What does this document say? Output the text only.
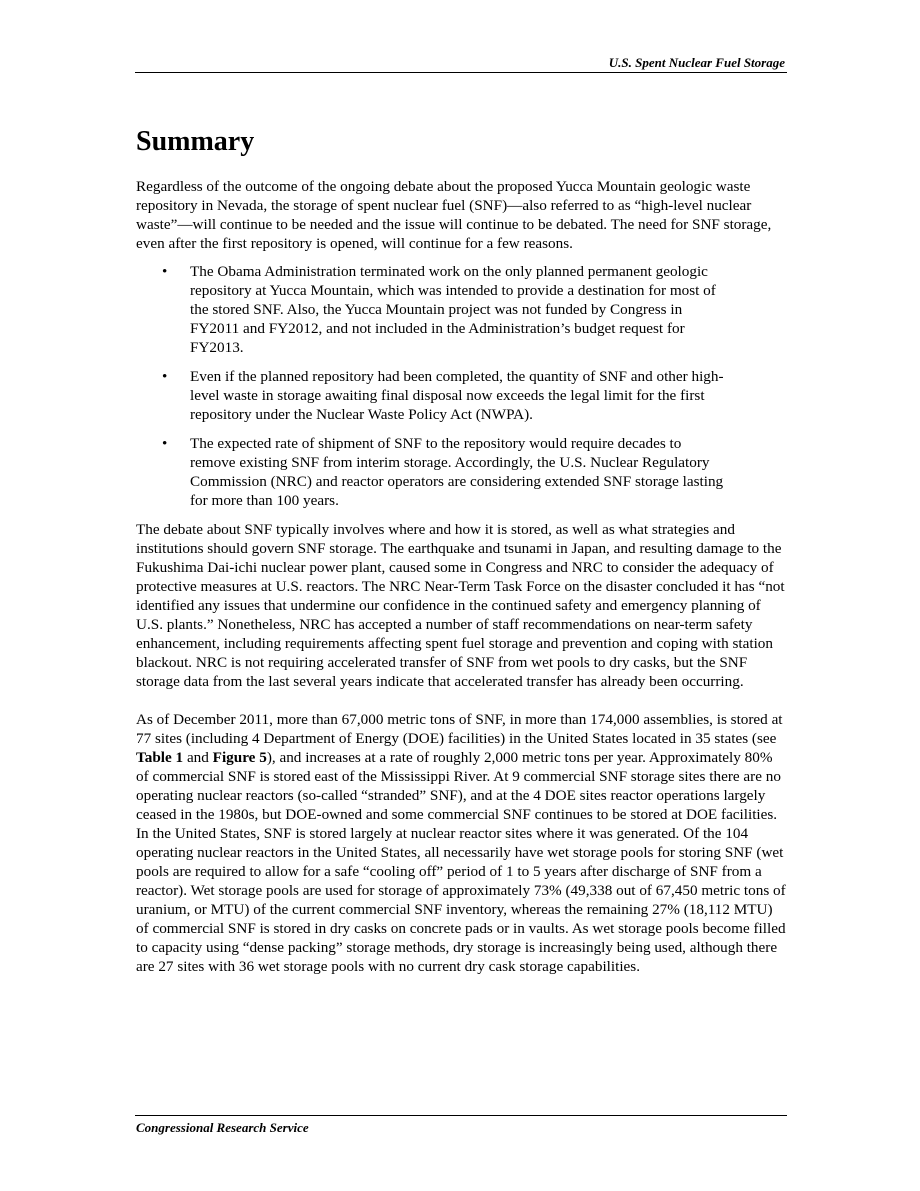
U.S. Spent Nuclear Fuel Storage
Summary

Regardless of the outcome of the ongoing debate about the proposed Yucca Mountain geologic waste repository in Nevada, the storage of spent nuclear fuel (SNF)—also referred to as “high-level nuclear waste”—will continue to be needed and the issue will continue to be debated. The need for SNF storage, even after the first repository is opened, will continue for a few reasons.

• The Obama Administration terminated work on the only planned permanent geologic repository at Yucca Mountain, which was intended to provide a destination for most of the stored SNF. Also, the Yucca Mountain project was not funded by Congress in FY2011 and FY2012, and not included in the Administration’s budget request for FY2013.
• Even if the planned repository had been completed, the quantity of SNF and other high-level waste in storage awaiting final disposal now exceeds the legal limit for the first repository under the Nuclear Waste Policy Act (NWPA).
• The expected rate of shipment of SNF to the repository would require decades to remove existing SNF from interim storage. Accordingly, the U.S. Nuclear Regulatory Commission (NRC) and reactor operators are considering extended SNF storage lasting for more than 100 years.

The debate about SNF typically involves where and how it is stored, as well as what strategies and institutions should govern SNF storage. The earthquake and tsunami in Japan, and resulting damage to the Fukushima Dai-ichi nuclear power plant, caused some in Congress and NRC to consider the adequacy of protective measures at U.S. reactors. The NRC Near-Term Task Force on the disaster concluded it has “not identified any issues that undermine our confidence in the continued safety and emergency planning of U.S. plants.” Nonetheless, NRC has accepted a number of staff recommendations on near-term safety enhancement, including requirements affecting spent fuel storage and prevention and coping with station blackout. NRC is not requiring accelerated transfer of SNF from wet pools to dry casks, but the SNF storage data from the last several years indicate that accelerated transfer has already been occurring.

As of December 2011, more than 67,000 metric tons of SNF, in more than 174,000 assemblies, is stored at 77 sites (including 4 Department of Energy (DOE) facilities) in the United States located in 35 states (see Table 1 and Figure 5), and increases at a rate of roughly 2,000 metric tons per year. Approximately 80% of commercial SNF is stored east of the Mississippi River. At 9 commercial SNF storage sites there are no operating nuclear reactors (so-called “stranded” SNF), and at the 4 DOE sites reactor operations largely ceased in the 1980s, but DOE-owned and some commercial SNF continues to be stored at DOE facilities. In the United States, SNF is stored largely at nuclear reactor sites where it was generated. Of the 104 operating nuclear reactors in the United States, all necessarily have wet storage pools for storing SNF (wet pools are required to allow for a safe “cooling off” period of 1 to 5 years after discharge of SNF from a reactor). Wet storage pools are used for storage of approximately 73% (49,338 out of 67,450 metric tons of uranium, or MTU) of the current commercial SNF inventory, whereas the remaining 27% (18,112 MTU) of commercial SNF is stored in dry casks on concrete pads or in vaults. As wet storage pools become filled to capacity using “dense packing” storage methods, dry storage is increasingly being used, although there are 27 sites with 36 wet storage pools with no current dry cask storage capabilities.

Congressional Research Service
